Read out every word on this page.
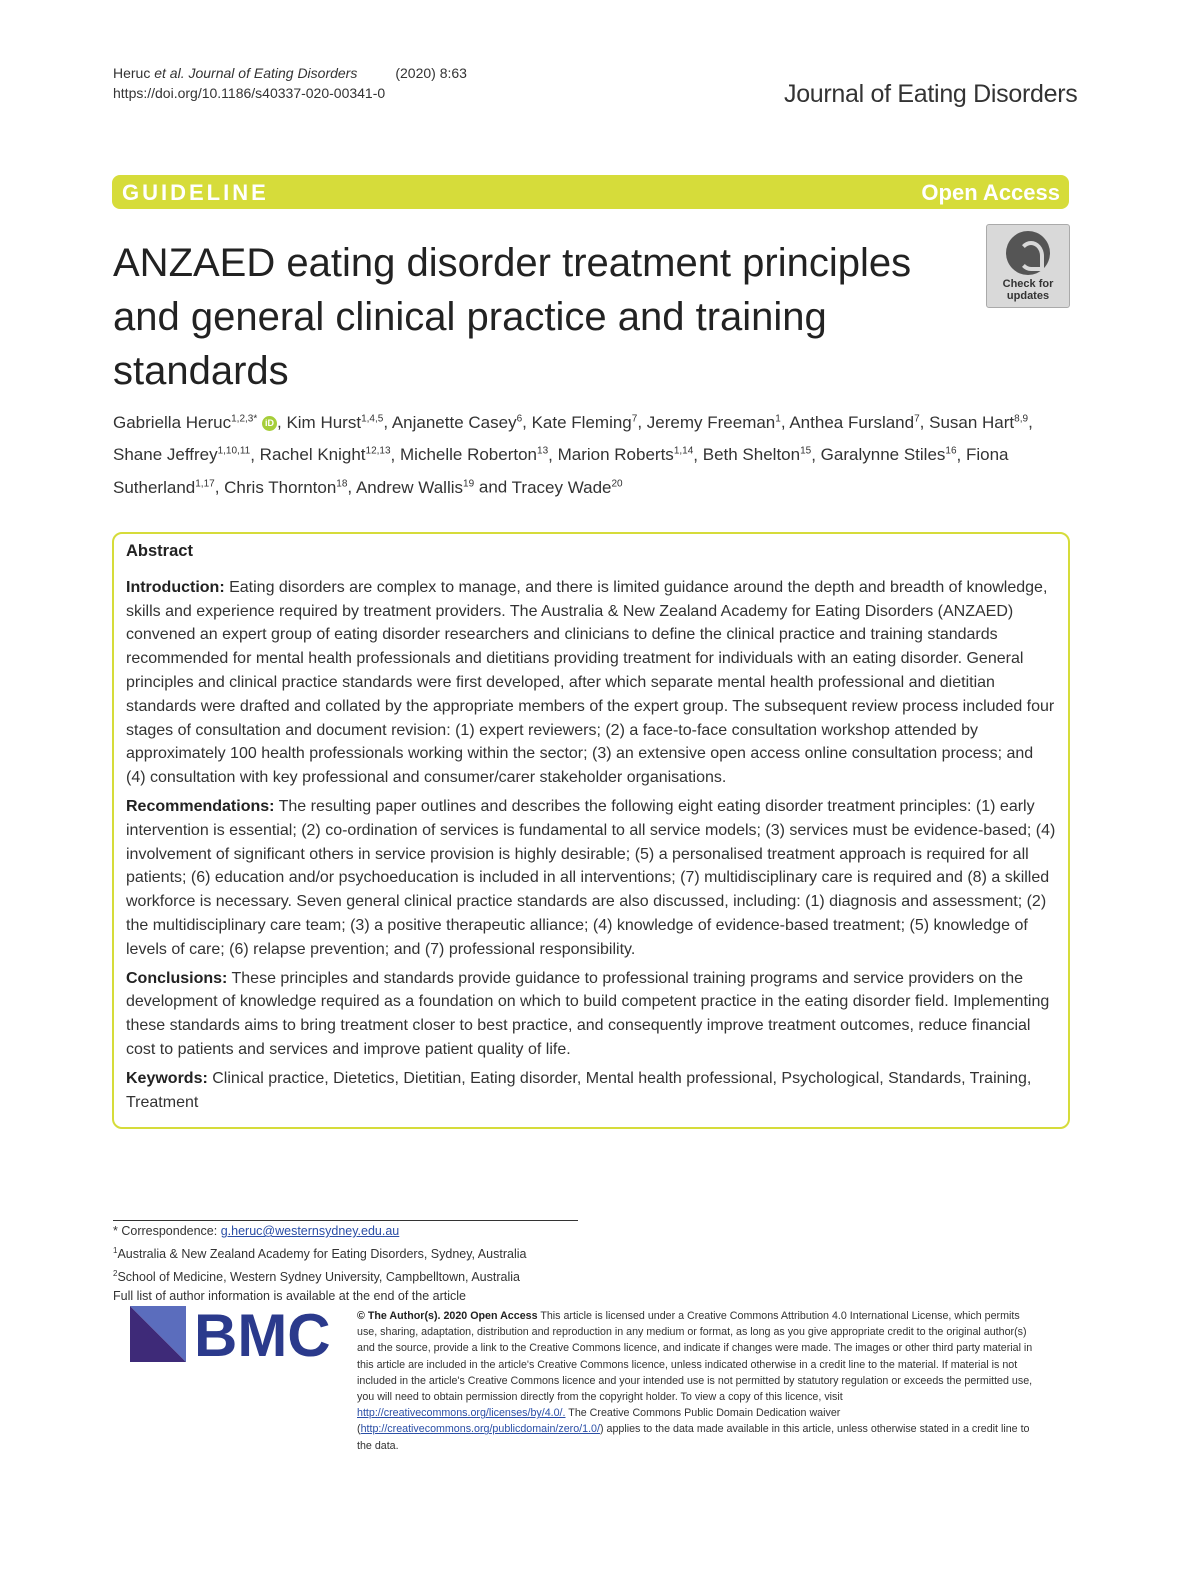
Heruc et al. Journal of Eating Disorders	(2020) 8:63
https://doi.org/10.1186/s40337-020-00341-0	Journal of Eating Disorders
GUIDELINE	Open Access
ANZAED eating disorder treatment principles and general clinical practice and training standards
Check for updates
Gabriella Heruc$^{1,2,3*}$ iD , Kim Hurst$^{1,4,5}$, Anjanette Casey$^6$, Kate Fleming$^7$, Jeremy Freeman$^1$, Anthea Fursland$^7$, Susan Hart$^{8,9}$, Shane Jeffrey$^{1,10,11}$, Rachel Knight$^{12,13}$, Michelle Roberton$^{13}$, Marion Roberts$^{1,14}$, Beth Shelton$^{15}$, Garalynne Stiles$^{16}$, Fiona Sutherland$^{1,17}$, Chris Thornton$^{18}$, Andrew Wallis$^{19}$ and Tracey Wade$^{20}$

Abstract

Introduction: Eating disorders are complex to manage, and there is limited guidance around the depth and breadth of knowledge, skills and experience required by treatment providers. The Australia & New Zealand Academy for Eating Disorders (ANZAED) convened an expert group of eating disorder researchers and clinicians to define the clinical practice and training standards recommended for mental health professionals and dietitians providing treatment for individuals with an eating disorder. General principles and clinical practice standards were first developed, after which separate mental health professional and dietitian standards were drafted and collated by the appropriate members of the expert group. The subsequent review process included four stages of consultation and document revision: (1) expert reviewers; (2) a face-to-face consultation workshop attended by approximately 100 health professionals working within the sector; (3) an extensive open access online consultation process; and (4) consultation with key professional and consumer/carer stakeholder organisations.

Recommendations: The resulting paper outlines and describes the following eight eating disorder treatment principles: (1) early intervention is essential; (2) co-ordination of services is fundamental to all service models; (3) services must be evidence-based; (4) involvement of significant others in service provision is highly desirable; (5) a personalised treatment approach is required for all patients; (6) education and/or psychoeducation is included in all interventions; (7) multidisciplinary care is required and (8) a skilled workforce is necessary. Seven general clinical practice standards are also discussed, including: (1) diagnosis and assessment; (2) the multidisciplinary care team; (3) a positive therapeutic alliance; (4) knowledge of evidence-based treatment; (5) knowledge of levels of care; (6) relapse prevention; and (7) professional responsibility.

Conclusions: These principles and standards provide guidance to professional training programs and service providers on the development of knowledge required as a foundation on which to build competent practice in the eating disorder field. Implementing these standards aims to bring treatment closer to best practice, and consequently improve treatment outcomes, reduce financial cost to patients and services and improve patient quality of life.

Keywords: Clinical practice, Dietetics, Dietitian, Eating disorder, Mental health professional, Psychological, Standards, Training, Treatment

* Correspondence: g.heruc@westernsydney.edu.au
$^1$Australia & New Zealand Academy for Eating Disorders, Sydney, Australia
$^2$School of Medicine, Western Sydney University, Campbelltown, Australia
Full list of author information is available at the end of the article
BMC © The Author(s). 2020 Open Access This article is licensed under a Creative Commons Attribution 4.0 International License, which permits use, sharing, adaptation, distribution and reproduction in any medium or format, as long as you give appropriate credit to the original author(s) and the source, provide a link to the Creative Commons licence, and indicate if changes were made. The images or other third party material in this article are included in the article's Creative Commons licence, unless indicated otherwise in a credit line to the material. If material is not included in the article's Creative Commons licence and your intended use is not permitted by statutory regulation or exceeds the permitted use, you will need to obtain permission directly from the copyright holder. To view a copy of this licence, visit http://creativecommons.org/licenses/by/4.0/. The Creative Commons Public Domain Dedication waiver (http://creativecommons.org/publicdomain/zero/1.0/) applies to the data made available in this article, unless otherwise stated in a credit line to the data.
